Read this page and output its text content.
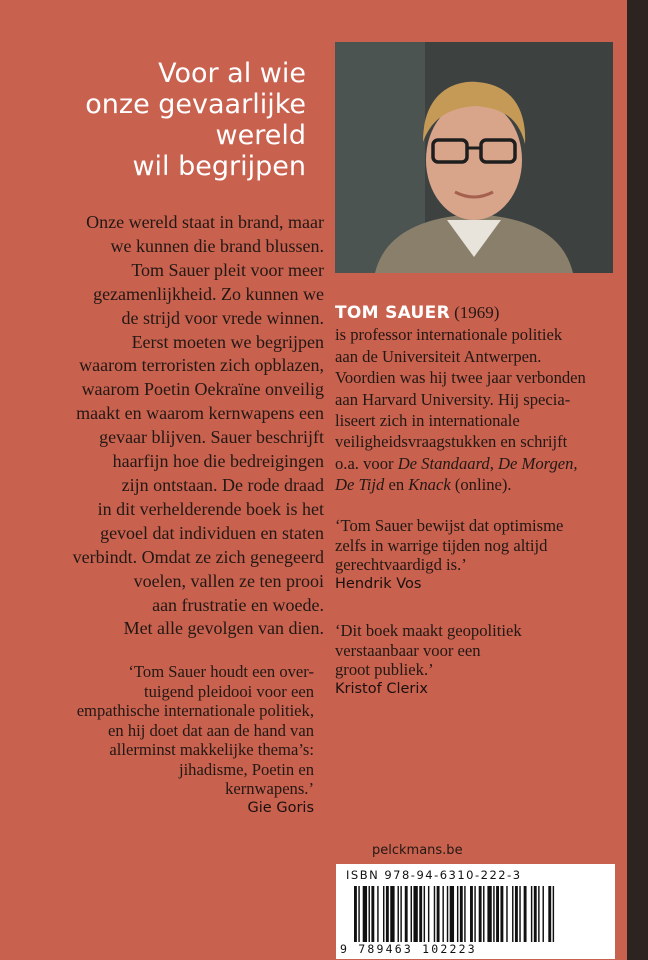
Voor al wie
onze gevaarlijke
wereld
wil begrijpen
Onze wereld staat in brand, maar
we kunnen die brand blussen.
Tom Sauer pleit voor meer
gezamenlijkheid. Zo kunnen we
de strijd voor vrede winnen.
Eerst moeten we begrijpen
waarom terroristen zich opblazen,
waarom Poetin Oekraïne onveilig
maakt en waarom kernwapens een
gevaar blijven. Sauer beschrijft
haarfijn hoe die bedreigingen
zijn ontstaan. De rode draad
in dit verhelderende boek is het
gevoel dat individuen en staten
verbindt. Omdat ze zich genegeerd
voelen, vallen ze ten prooi
aan frustratie en woede.
Met alle gevolgen van dien.
TOM SAUER (1969)
is professor internationale politiek
aan de Universiteit Antwerpen.
Voordien was hij twee jaar verbonden
aan Harvard University. Hij specia-
liseert zich in internationale
veiligheidsvraagstukken en schrijft
o.a. voor De Standaard, De Morgen,
De Tijd en Knack (online).
‘Tom Sauer bewijst dat optimisme
zelfs in warrige tijden nog altijd
gerechtvaardigd is.’
Hendrik Vos
‘Dit boek maakt geopolitiek
verstaanbaar voor een
groot publiek.’
Kristof Clerix
‘Tom Sauer houdt een over-
tuigend pleidooi voor een
empathische internationale politiek,
en hij doet dat aan de hand van
allerminst makkelijke thema’s:
jihadisme, Poetin en
kernwapens.’
Gie Goris
pelckmans.be
ISBN 978-94-6310-222-3
9 789463 102223
